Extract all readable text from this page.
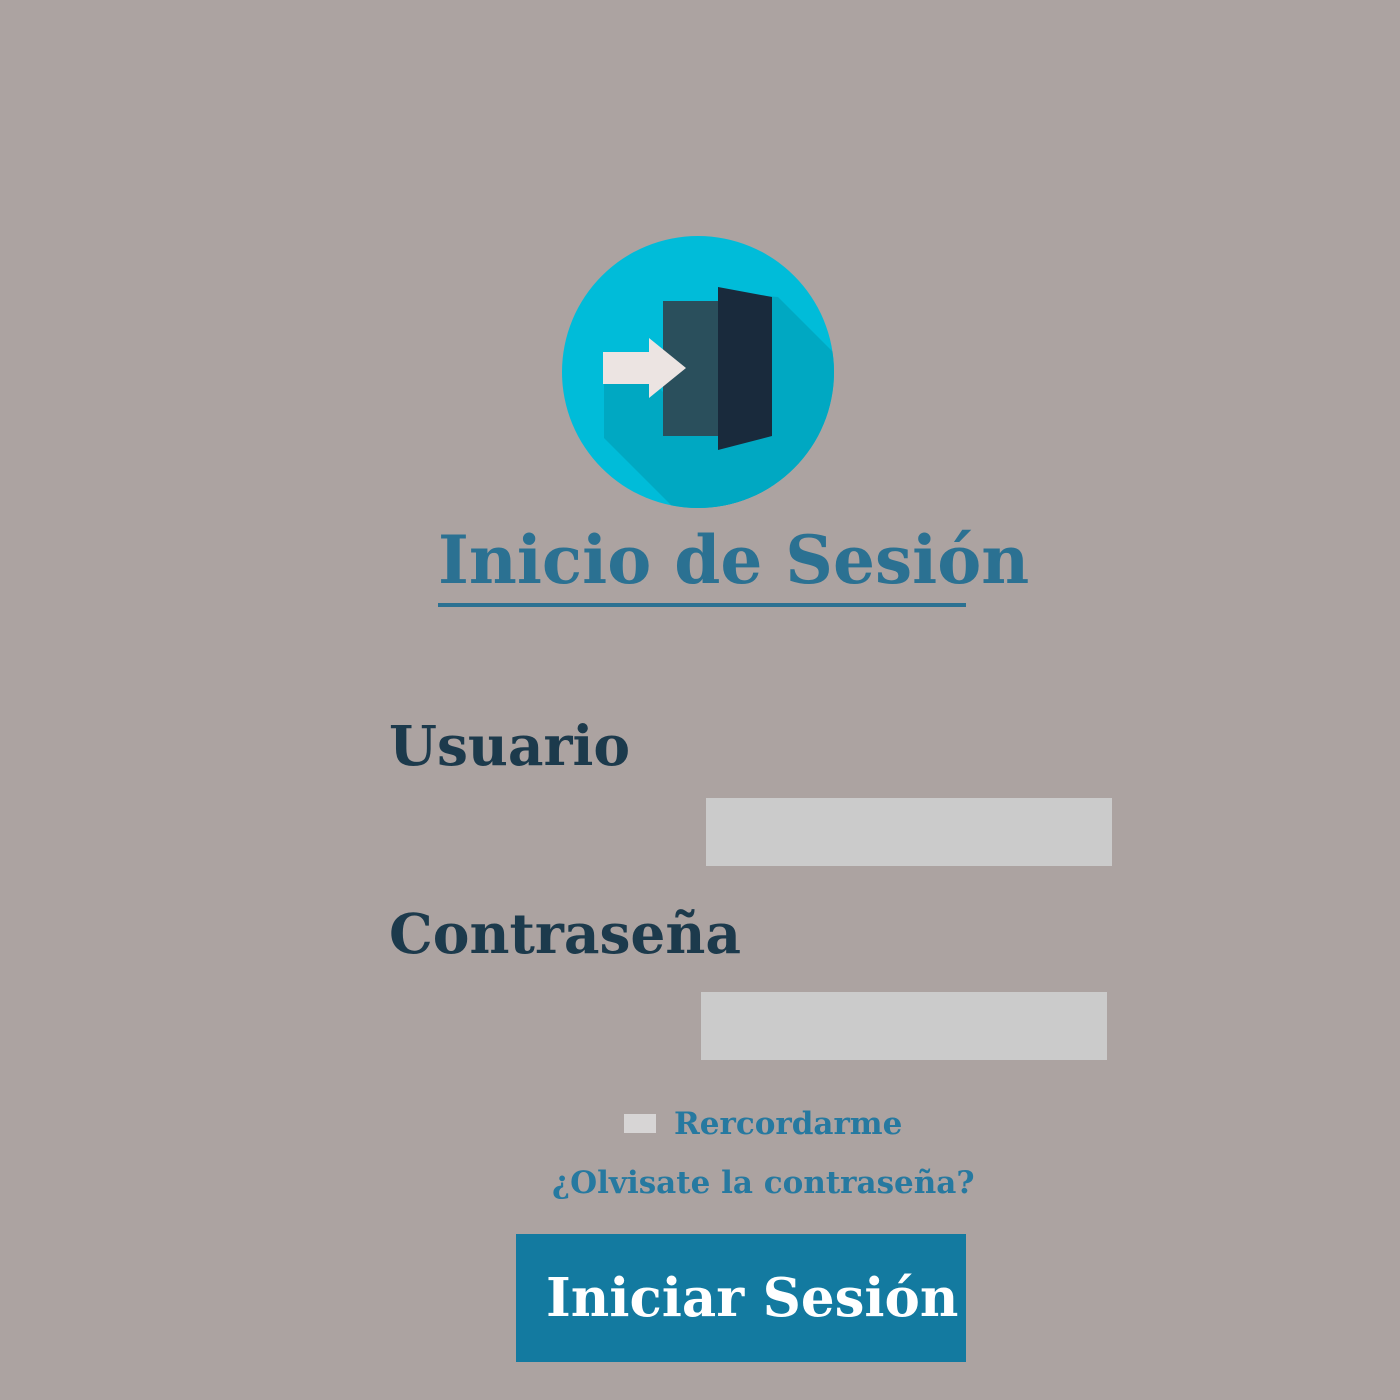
Inicio de Sesión
Usuario
Contraseña
Rercordarme
¿Olvisate la contraseña?
Iniciar Sesión
